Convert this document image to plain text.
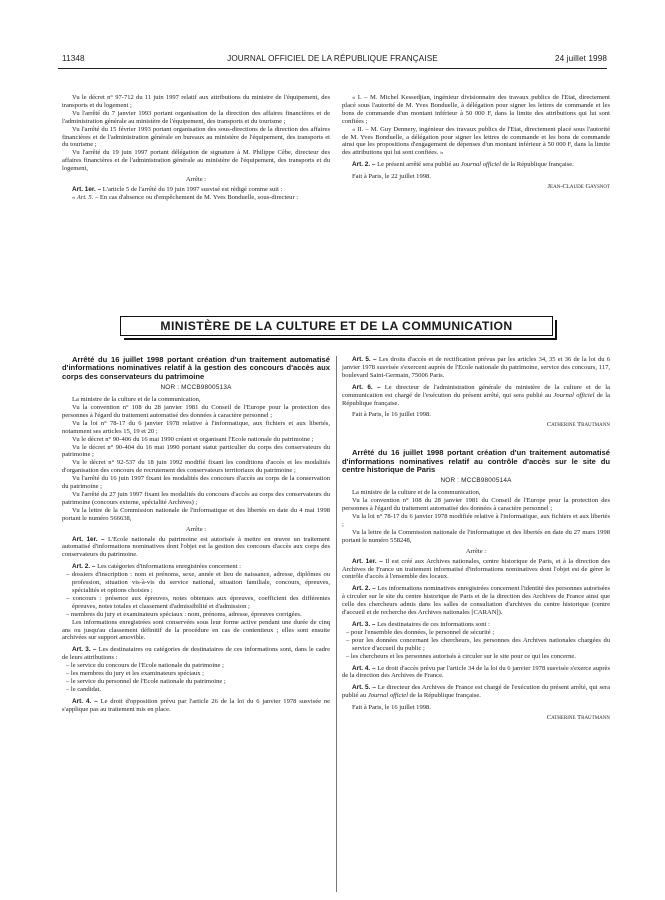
11348	JOURNAL OFFICIEL DE LA RÉPUBLIQUE FRANÇAISE	24 juillet 1998

Vu le décret n° 97-712 du 11 juin 1997 relatif aux attributions du ministre de l'équipement, des transports et du logement ;

Vu l'arrêté du 7 janvier 1993 portant organisation de la direction des affaires financières et de l'administration générale au ministère de l'équipement, des transports et du tourisme ;

Vu l'arrêté du 15 février 1993 portant organisation des sous-directions de la direction des affaires financières et de l'administration générale en bureaux au ministère de l'équipement, des transports et du tourisme ;

Vu l'arrêté du 19 juin 1997 portant délégation de signature à M. Philippe Cèbe, directeur des affaires financières et de l'administration générale au ministère de l'équipement, des transports et du logement,

Arrête :

Art. 1er. – L'article 5 de l'arrêté du 19 juin 1997 susvisé est rédigé comme suit :

« Art. 5. – En cas d'absence ou d'empêchement de M. Yves Bonduelle, sous-directeur :

« I. – M. Michel Kessedjian, ingénieur divisionnaire des travaux publics de l'Etat, directement placé sous l'autorité de M. Yves Bonduelle, à délégation pour signer les lettres de commande et les bons de commande d'un montant inférieur à 50 000 F, dans la limite des attributions qui lui sont confiées ;

« II. – M. Guy Dennery, ingénieur des travaux publics de l'Etat, directement placé sous l'autorité de M. Yves Bonduelle, a délégation pour signer les lettres de commande et les bons de commande ainsi que les propositions d'engagement de dépenses d'un montant inférieur à 50 000 F, dans la limite des attributions qui lui sont confiées. »

Art. 2. – Le présent arrêté sera publié au Journal officiel de la République française.

Fait à Paris, le 22 juillet 1998.

Jean-Claude Gaysnot

MINISTÈRE DE LA CULTURE ET DE LA COMMUNICATION

Arrêté du 16 juillet 1998 portant création d'un traitement automatisé d'informations nominatives relatif à la gestion des concours d'accès aux corps des conservateurs du patrimoine

NOR : MCCB9800513A

La ministre de la culture et de la communication,

Vu la convention n° 108 du 28 janvier 1981 du Conseil de l'Europe pour la protection des personnes à l'égard du traitement automatisé des données à caractère personnel ;

Vu la loi n° 78-17 du 6 janvier 1978 relative à l'informatique, aux fichiers et aux libertés, notamment ses articles 15, 19 et 20 ;

Vu le décret n° 90-406 du 16 mai 1990 créant et organisant l'Ecole nationale du patrimoine ;

Vu le décret n° 90-404 du 16 mai 1990 portant statut particulier du corps des conservateurs du patrimoine ;

Vu le décret n° 92-537 du 18 juin 1992 modifié fixant les conditions d'accès et les modalités d'organisation des concours de recrutement des conservateurs territoriaux du patrimoine ;

Vu l'arrêté du 16 juin 1997 fixant les modalités des concours d'accès au corps de la conservation du patrimoine ;

Vu l'arrêté du 27 juin 1997 fixant les modalités du concours d'accès au corps des conservateurs du patrimoine (concours externe, spécialité Archives) ;

Vu la lettre de la Commission nationale de l'informatique et des libertés en date du 4 mai 1998 portant le numéro 566638,

Arrête :

Art. 1er. – L'Ecole nationale du patrimoine est autorisée à mettre en œuvre un traitement automatisé d'informations nominatives dont l'objet est la gestion des concours d'accès aux corps des conservateurs du patrimoine.

Art. 2. – Les catégories d'informations enregistrées concernent :

– dossiers d'inscription : nom et prénoms, sexe, année et lieu de naissance, adresse, diplômes ou profession, situation vis-à-vis du service national, situation familiale, concours, épreuves, spécialités et options choisies ;
– concours : présence aux épreuves, notes obtenues aux épreuves, coefficient des différentes épreuves, notes totales et classement d'admissibilité et d'admission ;
– membres du jury et examinateurs spéciaux : nom, prénoms, adresse, épreuves corrigées.

Les informations enregistrées sont conservées sous leur forme active pendant une durée de cinq ans ou jusqu'au classement définitif de la procédure en cas de contentieux ; elles sont ensuite archivées sur support amovible.

Art. 3. – Les destinataires ou catégories de destinataires de ces informations sont, dans le cadre de leurs attributions :

– le service du concours de l'Ecole nationale du patrimoine ;
– les membres du jury et les examinateurs spéciaux ;
– le service du personnel de l'Ecole nationale du patrimoine ;
– le candidat.

Art. 4. – Le droit d'opposition prévu par l'article 26 de la loi du 6 janvier 1978 susvisée ne s'applique pas au traitement mis en place.

Art. 5. – Les droits d'accès et de rectification prévus par les articles 34, 35 et 36 de la loi du 6 janvier 1978 susvisée s'exercent auprès de l'Ecole nationale du patrimoine, service des concours, 117, boulevard Saint-Germain, 75006 Paris.

Art. 6. – Le directeur de l'administration générale du ministère de la culture et de la communication est chargé de l'exécution du présent arrêté, qui sera publié au Journal officiel de la République française.

Fait à Paris, le 16 juillet 1998.

Catherine Trautmann

Arrêté du 16 juillet 1998 portant création d'un traitement automatisé d'informations nominatives relatif au contrôle d'accès sur le site du centre historique de Paris

NOR : MCCB9800514A

La ministre de la culture et de la communication,

Vu la convention n° 108 du 28 janvier 1981 du Conseil de l'Europe pour la protection des personnes à l'égard du traitement automatisé des données à caractère personnel ;

Vu la loi n° 78-17 du 6 janvier 1978 modifiée relative à l'informatique, aux fichiers et aux libertés ;

Vu la lettre de la Commission nationale de l'informatique et des libertés en date du 27 mars 1998 portant le numéro 558248,

Arrête :

Art. 1er. – Il est créé aux Archives nationales, centre historique de Paris, et à la direction des Archives de France un traitement informatisé d'informations nominatives dont l'objet est de gérer le contrôle d'accès à l'ensemble des locaux.

Art. 2. – Les informations nominatives enregistrées concernent l'identité des personnes autorisées à circuler sur le site du centre historique de Paris et de la direction des Archives de France ainsi que celle des chercheurs admis dans les salles de consultation d'archives du centre historique (centre d'accueil et de recherche des Archives nationales [CARAN]).

Art. 3. – Les destinataires de ces informations sont :

– pour l'ensemble des données, le personnel de sécurité ;
– pour les données concernant les chercheurs, les personnes des Archives nationales chargées du service d'accueil du public ;
– les chercheurs et les personnes autorisés à circuler sur le site pour ce qui les concerne.

Art. 4. – Le droit d'accès prévu par l'article 34 de la loi du 6 janvier 1978 susvisée s'exerce auprès de la direction des Archives de France.

Art. 5. – Le directeur des Archives de France est chargé de l'exécution du présent arrêté, qui sera publié au Journal officiel de la République française.

Fait à Paris, le 16 juillet 1998.

Catherine Trautmann
